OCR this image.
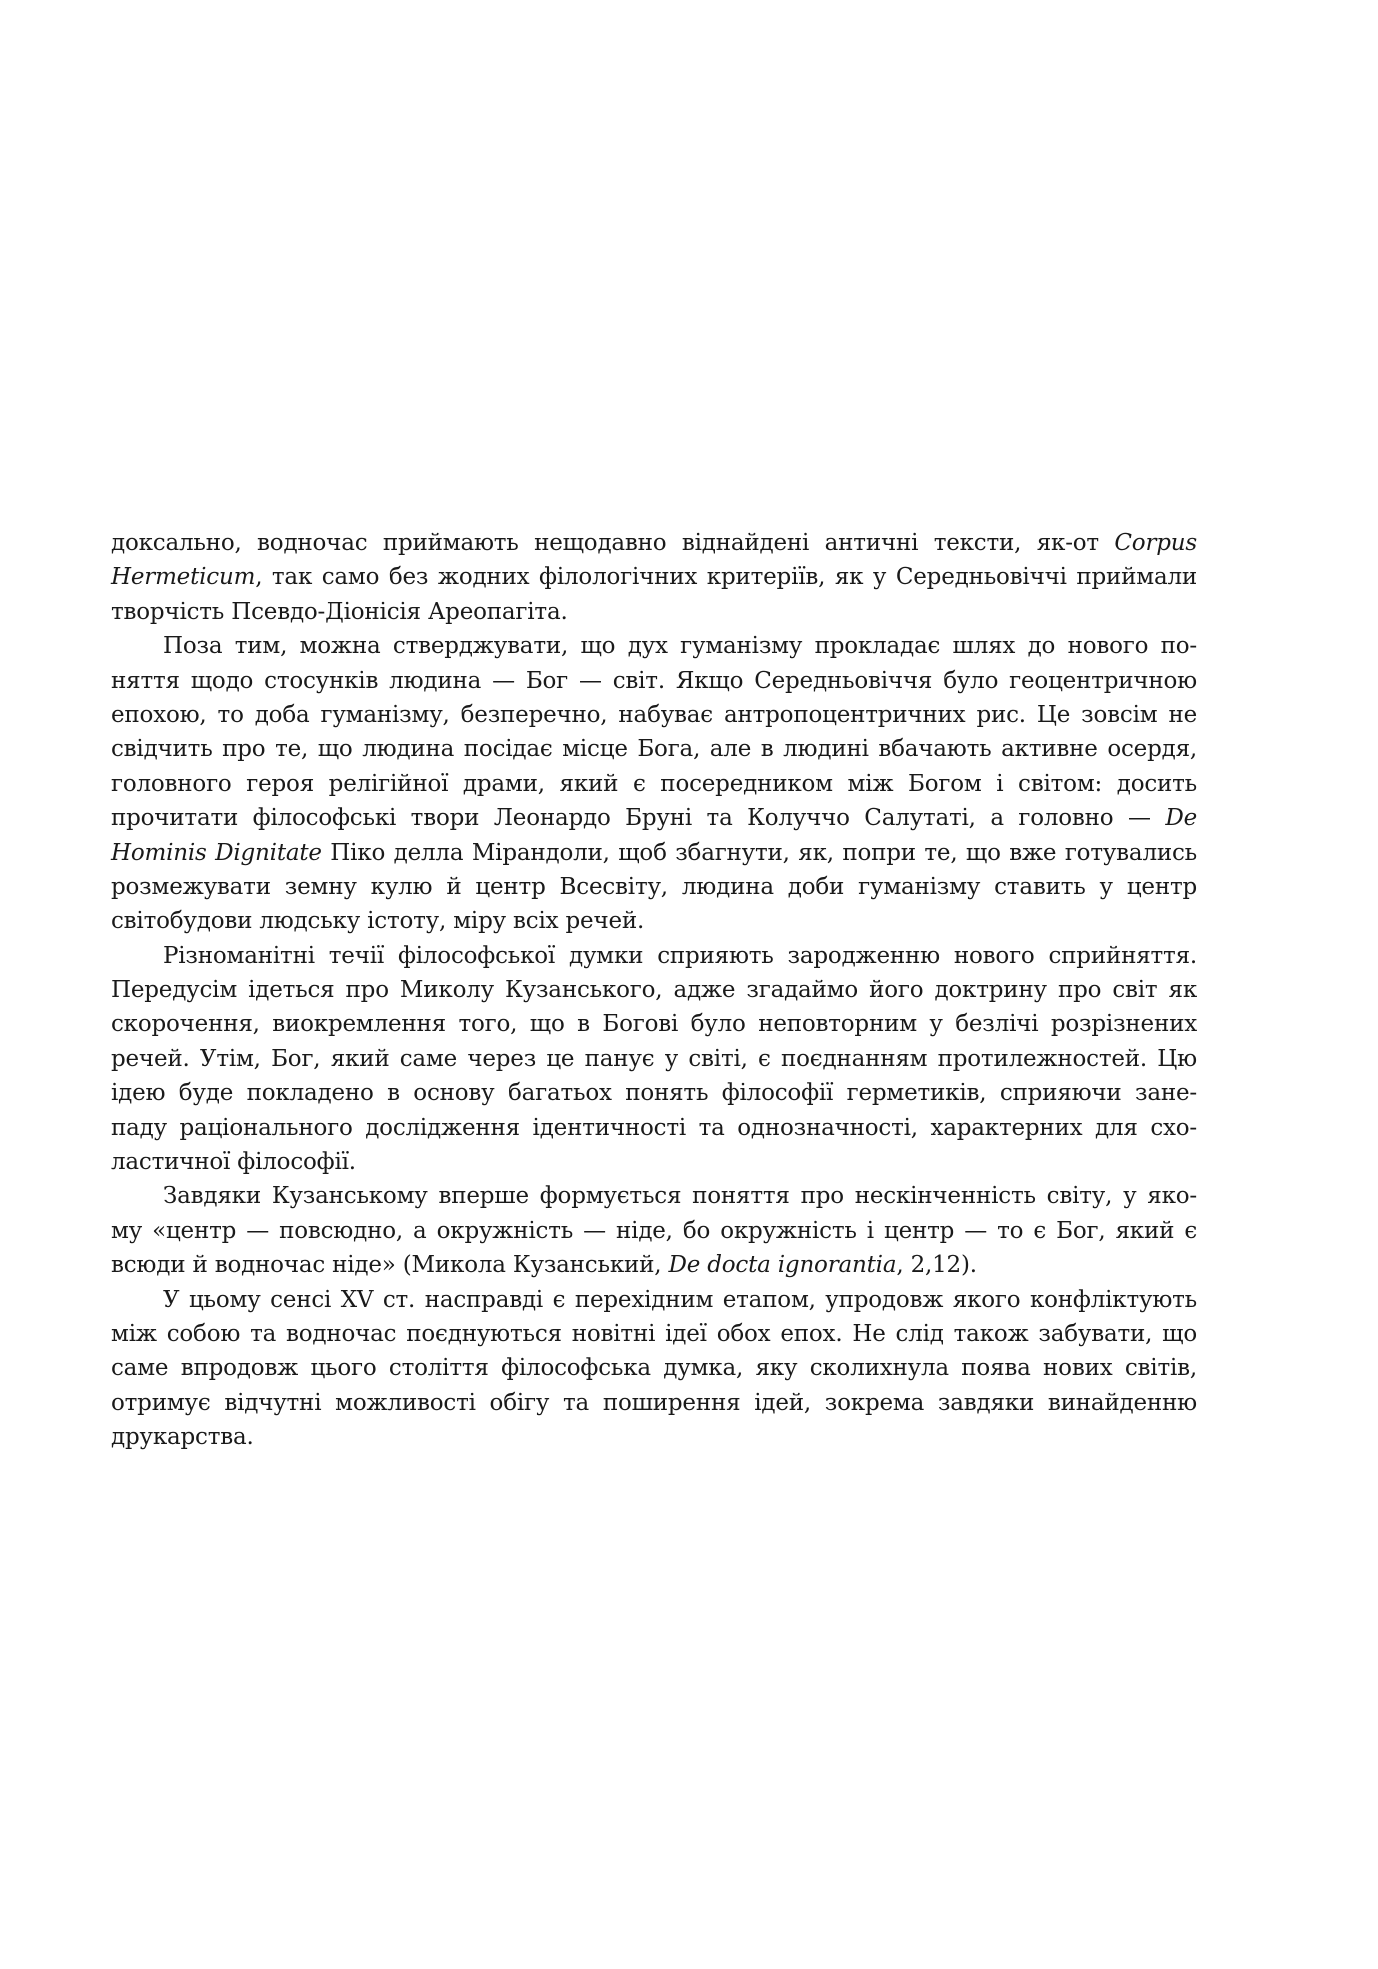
доксально, водночас приймають нещодавно віднайдені античні тексти, як-от Corpus
Hermeticum, так само без жодних філологічних критеріїв, як у Середньовіччі приймали
творчість Псевдо-Діонісія Ареопагіта.
Поза тим, можна стверджувати, що дух гуманізму прокладає шлях до нового по-
няття щодо стосунків людина — Бог — світ. Якщо Середньовіччя було геоцентричною
епохою, то доба гуманізму, безперечно, набуває антропоцентричних рис. Це зовсім не
свідчить про те, що людина посідає місце Бога, але в людині вбачають активне осердя,
головного героя релігійної драми, який є посередником між Богом і світом: досить
прочитати філософські твори Леонардо Бруні та Колуччо Салутаті, а головно — De
Hominis Dignitate Піко делла Мірандоли, щоб збагнути, як, попри те, що вже готувались
розмежувати земну кулю й центр Всесвіту, людина доби гуманізму ставить у центр
світобудови людську істоту, міру всіх речей.
Різноманітні течії філософської думки сприяють зародженню нового сприйняття.
Передусім ідеться про Миколу Кузанського, адже згадаймо його доктрину про світ як
скорочення, виокремлення того, що в Богові було неповторним у безлічі розрізнених
речей. Утім, Бог, який саме через це панує у світі, є поєднанням протилежностей. Цю
ідею буде покладено в основу багатьох понять філософії герметиків, сприяючи зане-
паду раціонального дослідження ідентичності та однозначності, характерних для схо-
ластичної філософії.
Завдяки Кузанському вперше формується поняття про нескінченність світу, у яко-
му «центр — повсюдно, а окружність — ніде, бо окружність і центр — то є Бог, який є
всюди й водночас ніде» (Микола Кузанський, De docta ignorantia, 2,12).
У цьому сенсі XV ст. насправді є перехідним етапом, упродовж якого конфліктують
між собою та водночас поєднуються новітні ідеї обох епох. Не слід також забувати, що
саме впродовж цього століття філософська думка, яку сколихнула поява нових світів,
отримує відчутні можливості обігу та поширення ідей, зокрема завдяки винайденню
друкарства.
